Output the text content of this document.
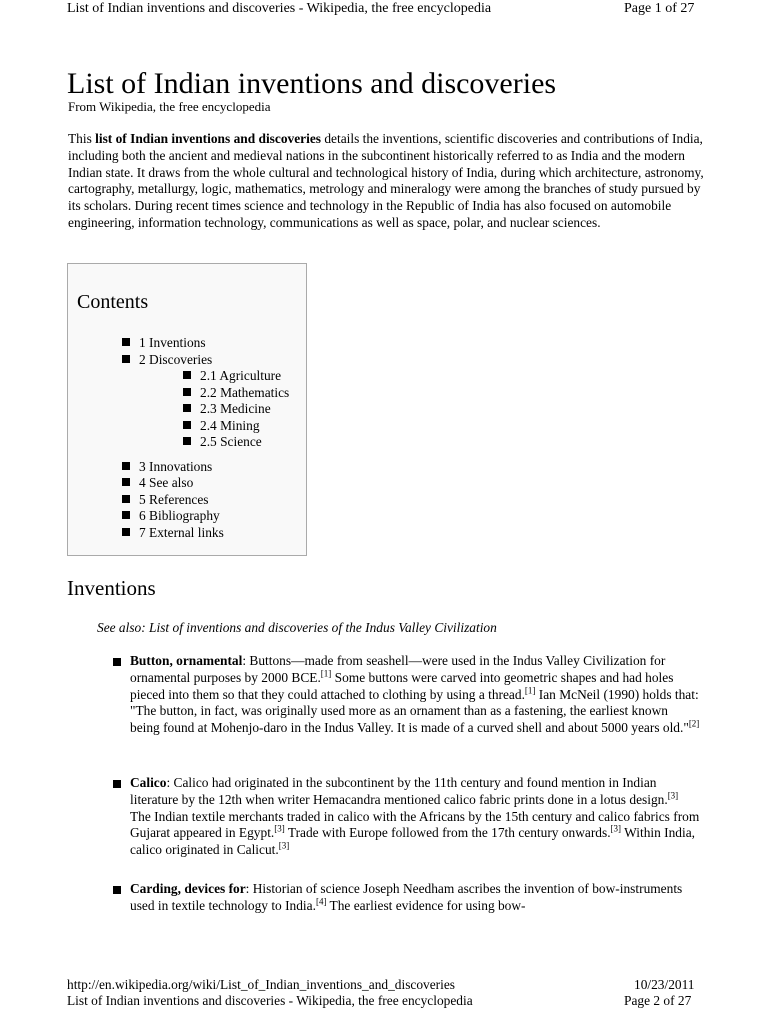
List of Indian inventions and discoveries - Wikipedia, the free encyclopedia	Page 1 of 27
List of Indian inventions and discoveries
From Wikipedia, the free encyclopedia

This list of Indian inventions and discoveries details the inventions, scientific discoveries and contributions of India, including both the ancient and medieval nations in the subcontinent historically referred to as India and the modern Indian state. It draws from the whole cultural and technological history of India, during which architecture, astronomy, cartography, metallurgy, logic, mathematics, metrology and mineralogy were among the branches of study pursued by its scholars. During recent times science and technology in the Republic of India has also focused on automobile engineering, information technology, communications as well as space, polar, and nuclear sciences.

Contents
1 Inventions
2 Discoveries
2.1 Agriculture
2.2 Mathematics
2.3 Medicine
2.4 Mining
2.5 Science
3 Innovations
4 See also
5 References
6 Bibliography
7 External links
Inventions
See also: List of inventions and discoveries of the Indus Valley Civilization
Button, ornamental: Buttons—made from seashell—were used in the Indus Valley Civilization for ornamental purposes by 2000 BCE.[1] Some buttons were carved into geometric shapes and had holes pieced into them so that they could attached to clothing by using a thread.[1] Ian McNeil (1990) holds that: "The button, in fact, was originally used more as an ornament than as a fastening, the earliest known being found at Mohenjo-daro in the Indus Valley. It is made of a curved shell and about 5000 years old."[2]
Calico: Calico had originated in the subcontinent by the 11th century and found mention in Indian literature by the 12th when writer Hemacandra mentioned calico fabric prints done in a lotus design.[3] The Indian textile merchants traded in calico with the Africans by the 15th century and calico fabrics from Gujarat appeared in Egypt.[3] Trade with Europe followed from the 17th century onwards.[3] Within India, calico originated in Calicut.[3]
Carding, devices for: Historian of science Joseph Needham ascribes the invention of bow-instruments used in textile technology to India.[4] The earliest evidence for using bow-
http://en.wikipedia.org/wiki/List_of_Indian_inventions_and_discoveries	10/23/2011
List of Indian inventions and discoveries - Wikipedia, the free encyclopedia	Page 2 of 27
